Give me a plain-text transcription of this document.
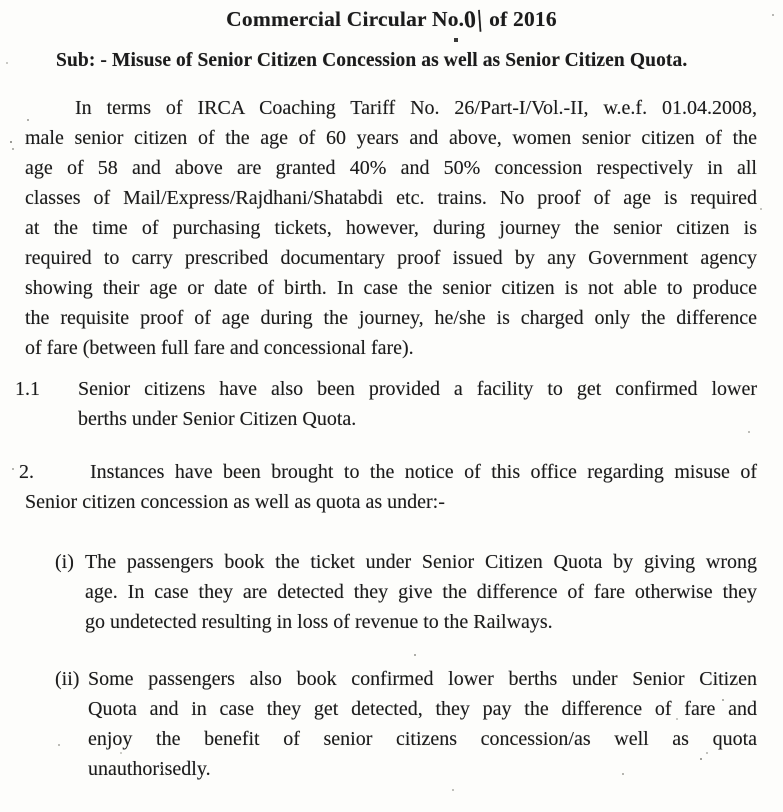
Commercial Circular No.0| of 2016
Sub: - Misuse of Senior Citizen Concession as well as Senior Citizen Quota.
In terms of IRCA Coaching Tariff No. 26/Part-I/Vol.-II, w.e.f. 01.04.2008,
male senior citizen of the age of 60 years and above, women senior citizen of the
age of 58 and above are granted 40% and 50% concession respectively in all
classes of Mail/Express/Rajdhani/Shatabdi etc. trains. No proof of age is required
at the time of purchasing tickets, however, during journey the senior citizen is
required to carry prescribed documentary proof issued by any Government agency
showing their age or date of birth. In case the senior citizen is not able to produce
the requisite proof of age during the journey, he/she is charged only the difference
of fare (between full fare and concessional fare).
1.1	Senior citizens have also been provided a facility to get confirmed lower
berths under Senior Citizen Quota.
2.	Instances have been brought to the notice of this office regarding misuse of
Senior citizen concession as well as quota as under:-
(i) The passengers book the ticket under Senior Citizen Quota by giving wrong
age. In case they are detected they give the difference of fare otherwise they
go undetected resulting in loss of revenue to the Railways.
(ii) Some passengers also book confirmed lower berths under Senior Citizen
Quota and in case they get detected, they pay the difference of fare and
enjoy the benefit of senior citizens concession/as well as quota
unauthorisedly.
